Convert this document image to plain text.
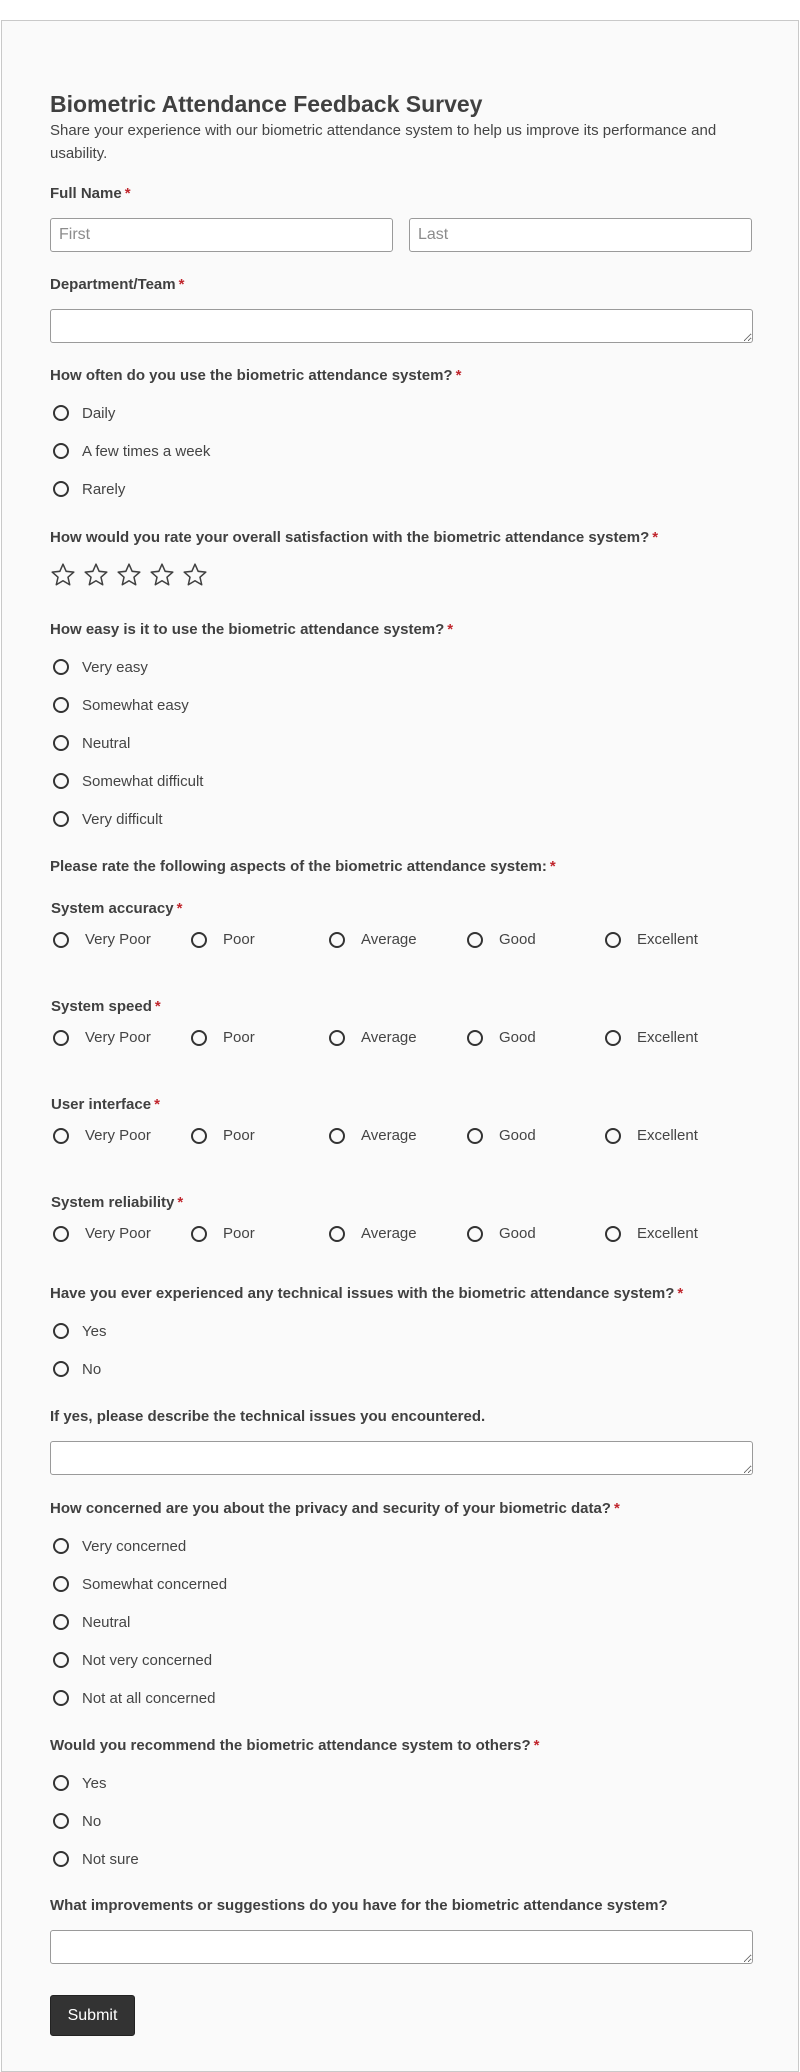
Biometric Attendance Feedback Survey

Share your experience with our biometric attendance system to help us improve its performance and usability.

Full Name *
First
Last
Department/Team *
How often do you use the biometric attendance system? *
Daily
A few times a week
Rarely
How would you rate your overall satisfaction with the biometric attendance system? *
How easy is it to use the biometric attendance system? *
Very easy
Somewhat easy
Neutral
Somewhat difficult
Very difficult
Please rate the following aspects of the biometric attendance system: *
System accuracy *
Very Poor	Poor	Average	Good	Excellent
System speed *
Very Poor	Poor	Average	Good	Excellent
User interface *
Very Poor	Poor	Average	Good	Excellent
System reliability *
Very Poor	Poor	Average	Good	Excellent
Have you ever experienced any technical issues with the biometric attendance system? *
Yes
No
If yes, please describe the technical issues you encountered.
How concerned are you about the privacy and security of your biometric data? *
Very concerned
Somewhat concerned
Neutral
Not very concerned
Not at all concerned
Would you recommend the biometric attendance system to others? *
Yes
No
Not sure
What improvements or suggestions do you have for the biometric attendance system?
Submit
